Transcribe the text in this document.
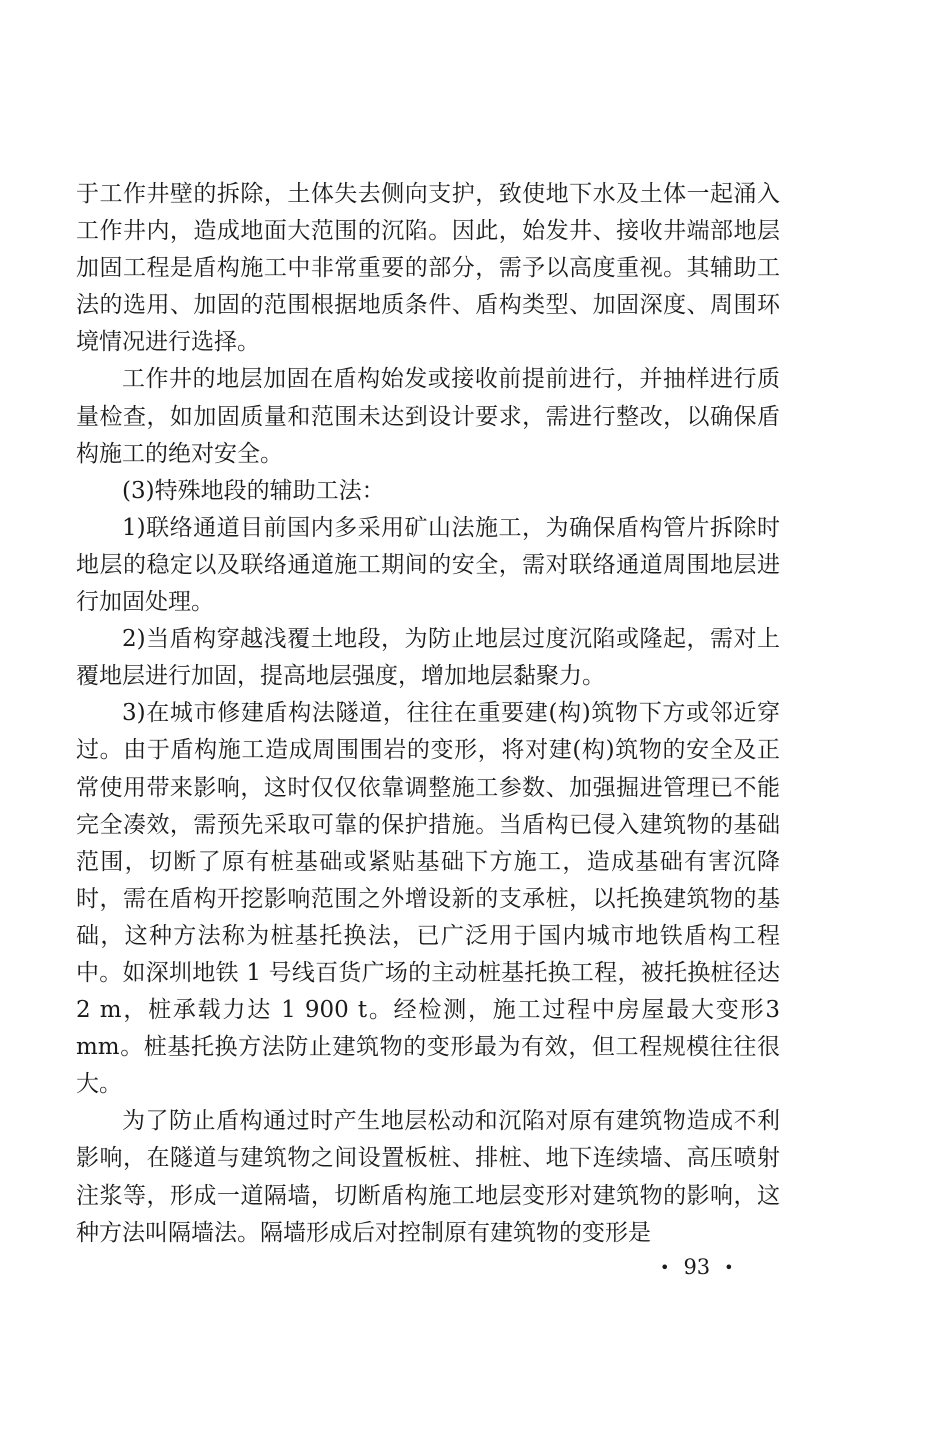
于工作井壁的拆除，土体失去侧向支护，致使地下水及土体一起涌入工作井内，造成地面大范围的沉陷。因此，始发井、接收井端部地层加固工程是盾构施工中非常重要的部分，需予以高度重视。其辅助工法的选用、加固的范围根据地质条件、盾构类型、加固深度、周围环境情况进行选择。

工作井的地层加固在盾构始发或接收前提前进行，并抽样进行质量检查，如加固质量和范围未达到设计要求，需进行整改，以确保盾构施工的绝对安全。

(3)特殊地段的辅助工法：

1)联络通道目前国内多采用矿山法施工，为确保盾构管片拆除时地层的稳定以及联络通道施工期间的安全，需对联络通道周围地层进行加固处理。

2)当盾构穿越浅覆土地段，为防止地层过度沉陷或隆起，需对上覆地层进行加固，提高地层强度，增加地层黏聚力。

3)在城市修建盾构法隧道，往往在重要建(构)筑物下方或邻近穿过。由于盾构施工造成周围围岩的变形，将对建(构)筑物的安全及正常使用带来影响，这时仅仅依靠调整施工参数、加强掘进管理已不能完全凑效，需预先采取可靠的保护措施。当盾构已侵入建筑物的基础范围，切断了原有桩基础或紧贴基础下方施工，造成基础有害沉降时，需在盾构开挖影响范围之外增设新的支承桩，以托换建筑物的基础，这种方法称为桩基托换法，已广泛用于国内城市地铁盾构工程中。如深圳地铁 1 号线百货广场的主动桩基托换工程，被托换桩径达 2 m，桩承载力达 1 900 t。经检测，施工过程中房屋最大变形3 mm。桩基托换方法防止建筑物的变形最为有效，但工程规模往往很大。

为了防止盾构通过时产生地层松动和沉陷对原有建筑物造成不利影响，在隧道与建筑物之间设置板桩、排桩、地下连续墙、高压喷射注浆等，形成一道隔墙，切断盾构施工地层变形对建筑物的影响，这种方法叫隔墙法。隔墙形成后对控制原有建筑物的变形是

• 93 •
